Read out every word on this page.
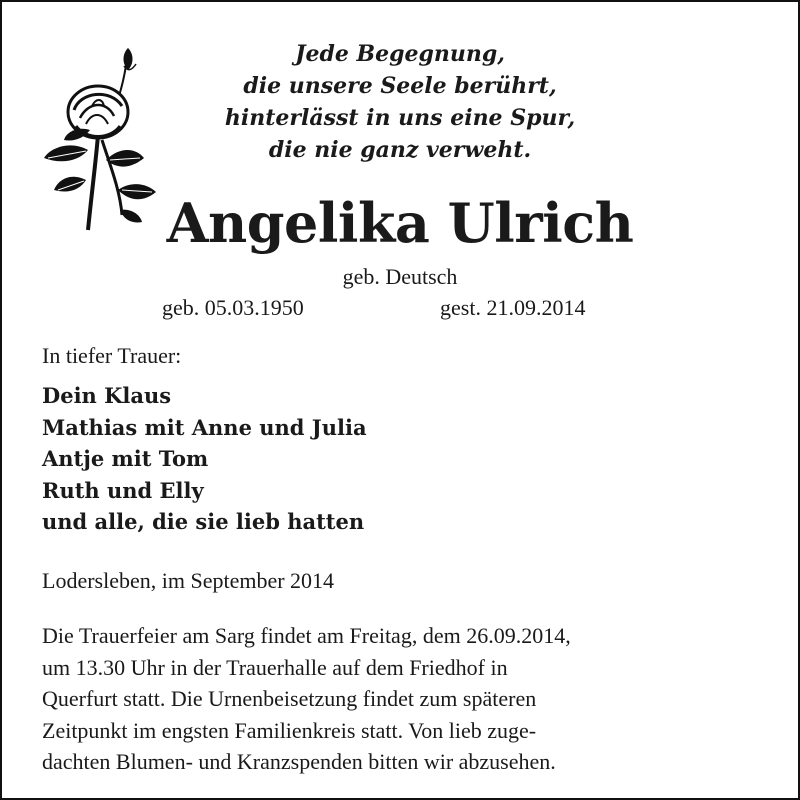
Jede Begegnung,
die unsere Seele berührt,
hinterlässt in uns eine Spur,
die nie ganz verweht.
Angelika Ulrich
geb. Deutsch
geb. 05.03.1950	gest. 21.09.2014
In tiefer Trauer:
Dein Klaus
Mathias mit Anne und Julia
Antje mit Tom
Ruth und Elly
und alle, die sie lieb hatten
Lodersleben, im September 2014
Die Trauerfeier am Sarg findet am Freitag, dem 26.09.2014,
um 13.30 Uhr in der Trauerhalle auf dem Friedhof in
Querfurt statt. Die Urnenbeisetzung findet zum späteren
Zeitpunkt im engsten Familienkreis statt. Von lieb zuge-
dachten Blumen- und Kranzspenden bitten wir abzusehen.
